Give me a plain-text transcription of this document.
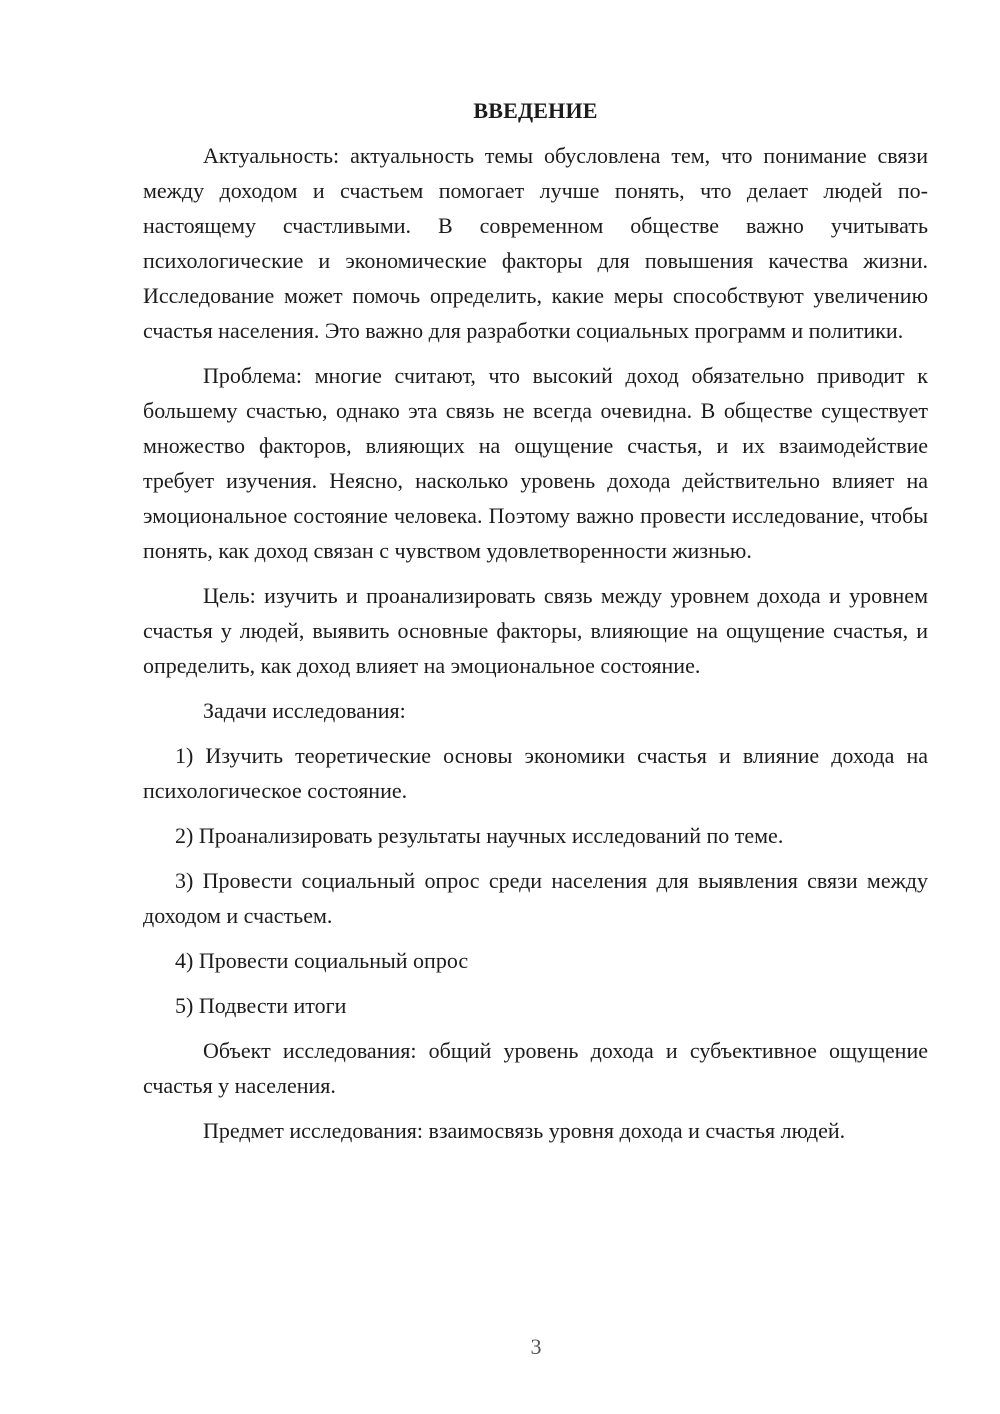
ВВЕДЕНИЕ

Актуальность: актуальность темы обусловлена тем, что понимание связи между доходом и счастьем помогает лучше понять, что делает людей по-настоящему счастливыми. В современном обществе важно учитывать психологические и экономические факторы для повышения качества жизни. Исследование может помочь определить, какие меры способствуют увеличению счастья населения. Это важно для разработки социальных программ и политики.

Проблема: многие считают, что высокий доход обязательно приводит к большему счастью, однако эта связь не всегда очевидна. В обществе существует множество факторов, влияющих на ощущение счастья, и их взаимодействие требует изучения. Неясно, насколько уровень дохода действительно влияет на эмоциональное состояние человека. Поэтому важно провести исследование, чтобы понять, как доход связан с чувством удовлетворенности жизнью.

Цель: изучить и проанализировать связь между уровнем дохода и уровнем счастья у людей, выявить основные факторы, влияющие на ощущение счастья, и определить, как доход влияет на эмоциональное состояние.

Задачи исследования:

1) Изучить теоретические основы экономики счастья и влияние дохода на психологическое состояние.

2) Проанализировать результаты научных исследований по теме.

3) Провести социальный опрос среди населения для выявления связи между доходом и счастьем.

4) Провести социальный опрос

5) Подвести итоги

Объект исследования: общий уровень дохода и субъективное ощущение счастья у населения.

Предмет исследования: взаимосвязь уровня дохода и счастья людей.

3
